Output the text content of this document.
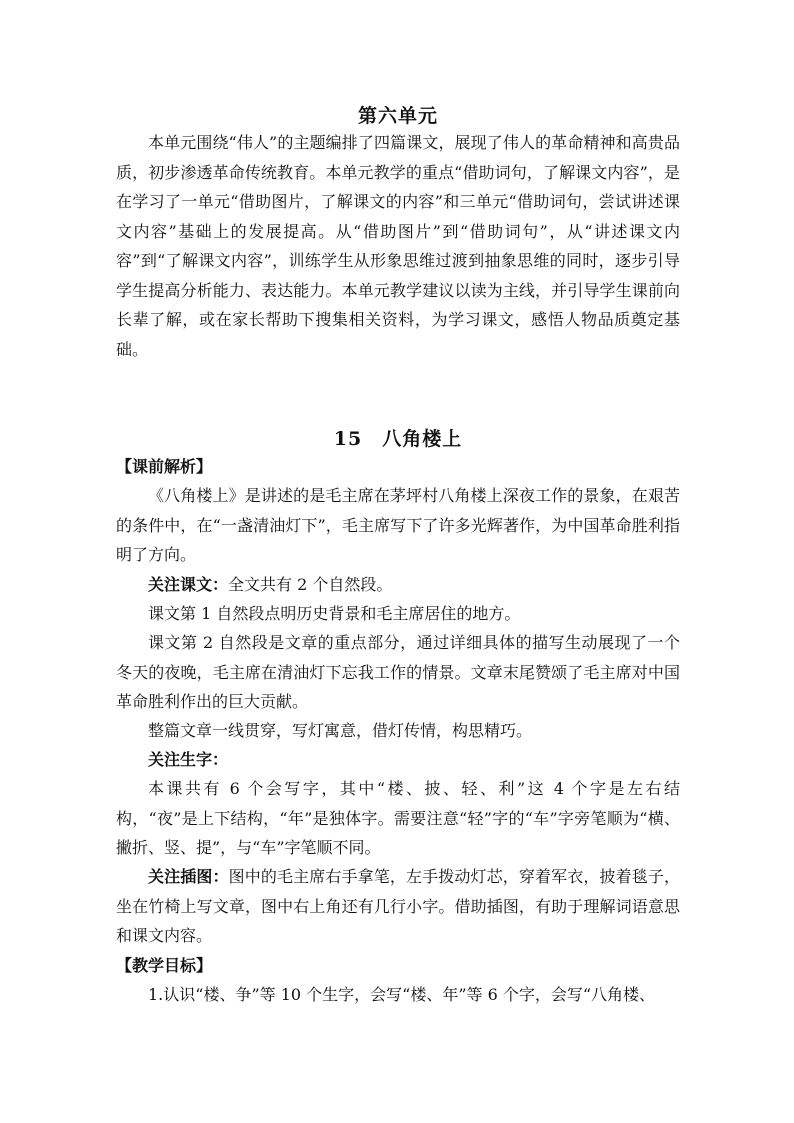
第六单元
本单元围绕“伟人”的主题编排了四篇课文，展现了伟人的革命精神和高贵品质，初步渗透革命传统教育。本单元教学的重点“借助词句，了解课文内容”，是在学习了一单元“借助图片，了解课文的内容”和三单元“借助词句，尝试讲述课文内容”基础上的发展提高。从“借助图片”到“借助词句”，从“讲述课文内容”到“了解课文内容”，训练学生从形象思维过渡到抽象思维的同时，逐步引导学生提高分析能力、表达能力。本单元教学建议以读为主线，并引导学生课前向长辈了解，或在家长帮助下搜集相关资料，为学习课文，感悟人物品质奠定基础。
15　八角楼上
【课前解析】
《八角楼上》是讲述的是毛主席在茅坪村八角楼上深夜工作的景象，在艰苦的条件中，在“一盏清油灯下”，毛主席写下了许多光辉著作，为中国革命胜利指明了方向。
关注课文：全文共有 2 个自然段。
课文第 1 自然段点明历史背景和毛主席居住的地方。
课文第 2 自然段是文章的重点部分，通过详细具体的描写生动展现了一个冬天的夜晚，毛主席在清油灯下忘我工作的情景。文章末尾赞颂了毛主席对中国革命胜利作出的巨大贡献。
整篇文章一线贯穿，写灯寓意，借灯传情，构思精巧。
关注生字：
本课共有 6 个会写字，其中“楼、披、轻、利”这 4 个字是左右结构，“夜”是上下结构，“年”是独体字。需要注意“轻”字的“车”字旁笔顺为“横、撇折、竖、提”，与“车”字笔顺不同。
关注插图：图中的毛主席右手拿笔，左手拨动灯芯，穿着军衣，披着毯子，坐在竹椅上写文章，图中右上角还有几行小字。借助插图，有助于理解词语意思和课文内容。
【教学目标】
1.认识“楼、争”等 10 个生字，会写“楼、年”等 6 个字，会写“八角楼、
